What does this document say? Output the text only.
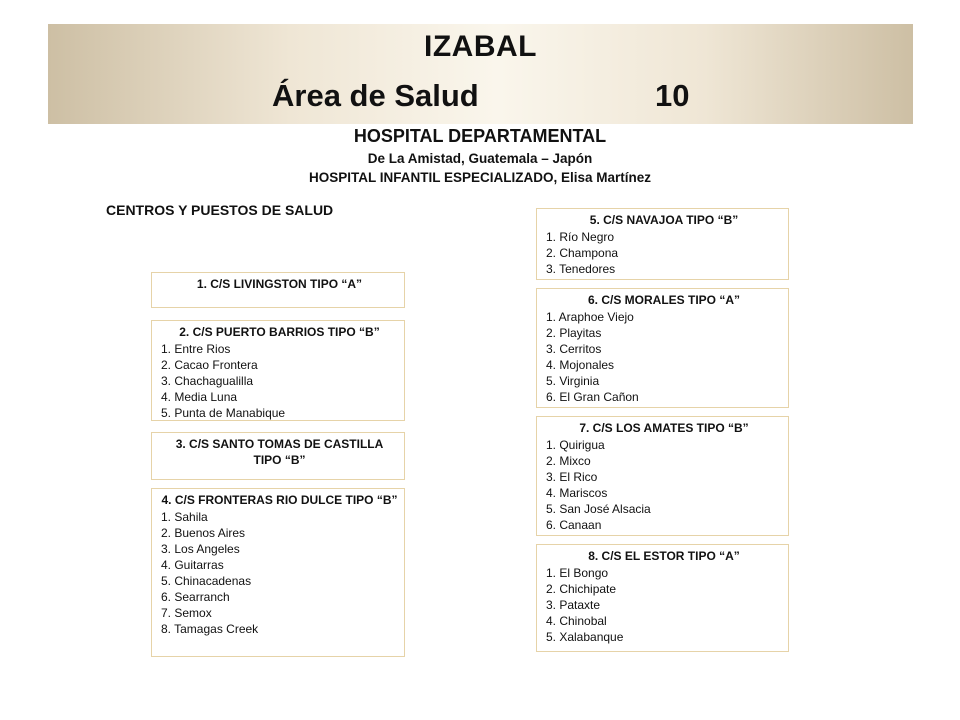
IZABAL
Área de Salud	10
HOSPITAL DEPARTAMENTAL
De La Amistad, Guatemala – Japón
HOSPITAL INFANTIL ESPECIALIZADO, Elisa Martínez
CENTROS Y PUESTOS DE SALUD
1. C/S LIVINGSTON TIPO “A”
2. C/S PUERTO BARRIOS TIPO “B”
1. Entre Rios
2. Cacao Frontera
3. Chachagualilla
4. Media Luna
5. Punta de Manabique
3. C/S SANTO TOMAS DE CASTILLA TIPO “B”
4. C/S FRONTERAS RIO DULCE TIPO “B”
1. Sahila
2. Buenos Aires
3. Los Angeles
4. Guitarras
5. Chinacadenas
6. Searranch
7. Semox
8. Tamagas Creek
5. C/S NAVAJOA TIPO “B”
1. Río Negro
2. Champona
3. Tenedores
6. C/S MORALES TIPO “A”
1. Araphoe Viejo
2. Playitas
3. Cerritos
4. Mojonales
5. Virginia
6. El Gran Cañon
7. C/S LOS AMATES TIPO “B”
1. Quirigua
2. Mixco
3. El Rico
4. Mariscos
5. San José Alsacia
6. Canaan
8. C/S EL ESTOR TIPO “A”
1. El Bongo
2. Chichipate
3. Pataxte
4. Chinobal
5. Xalabanque
